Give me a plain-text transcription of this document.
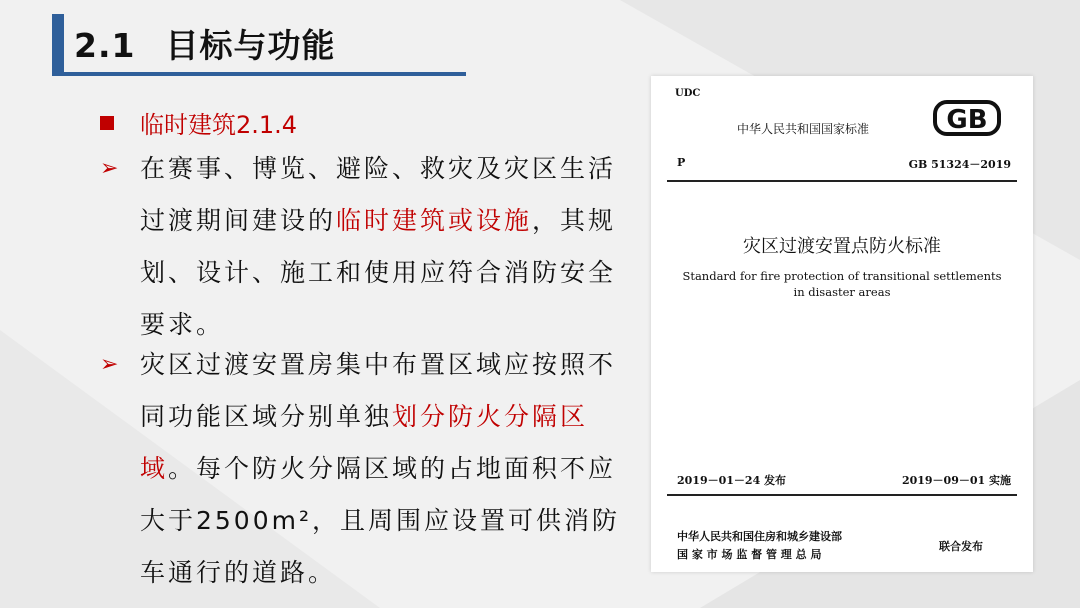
2.1 目标与功能
临时建筑2.1.4
➢ 在赛事、博览、避险、救灾及灾区生活过渡期间建设的临时建筑或设施，其规划、设计、施工和使用应符合消防安全要求。
➢ 灾区过渡安置房集中布置区域应按照不同功能区域分别单独划分防火分隔区域。每个防火分隔区域的占地面积不应大于2500m²，且周围应设置可供消防车通行的道路。
UDC
中华人民共和国国家标准	GB
P	GB 51324－2019
灾区过渡安置点防火标准
Standard for fire protection of transitional settlements
in disaster areas
2019－01－24 发布	2019－09－01 实施
中华人民共和国住房和城乡建设部
国 家 市 场 监 督 管 理 总 局
联合发布
